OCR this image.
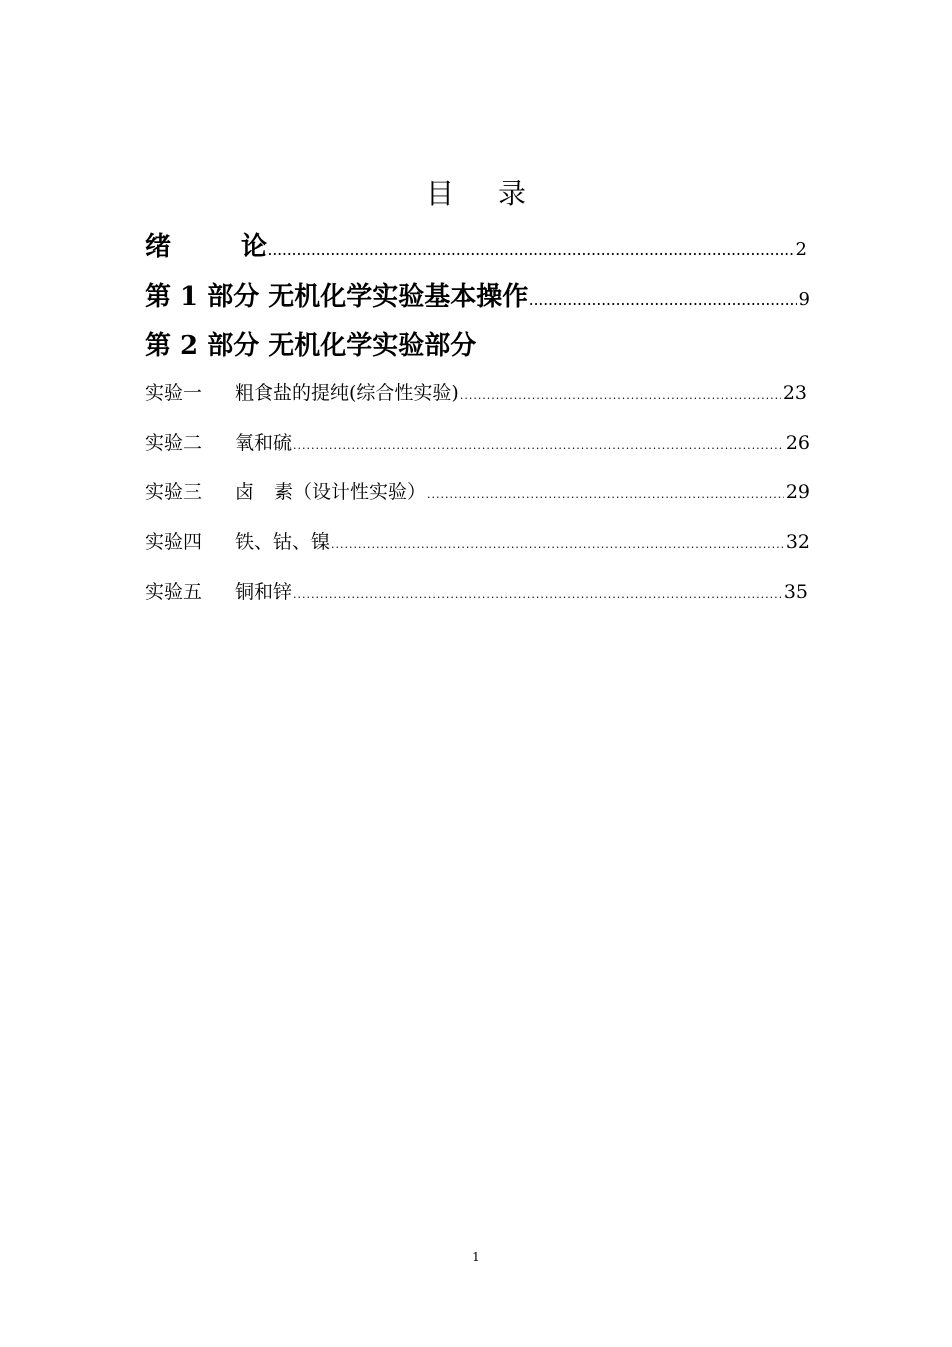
目 录
绪	论 .....	2
第 1 部分 无机化学实验基本操作 .....	9
第 2 部分 无机化学实验部分
实验一 粗食盐的提纯(综合性实验) .....	23
实验二 氧和硫 .....	26
实验三 卤 素（设计性实验） .....	29
实验四 铁、钴、镍 .....	32
实验五 铜和锌 .....	35
1
